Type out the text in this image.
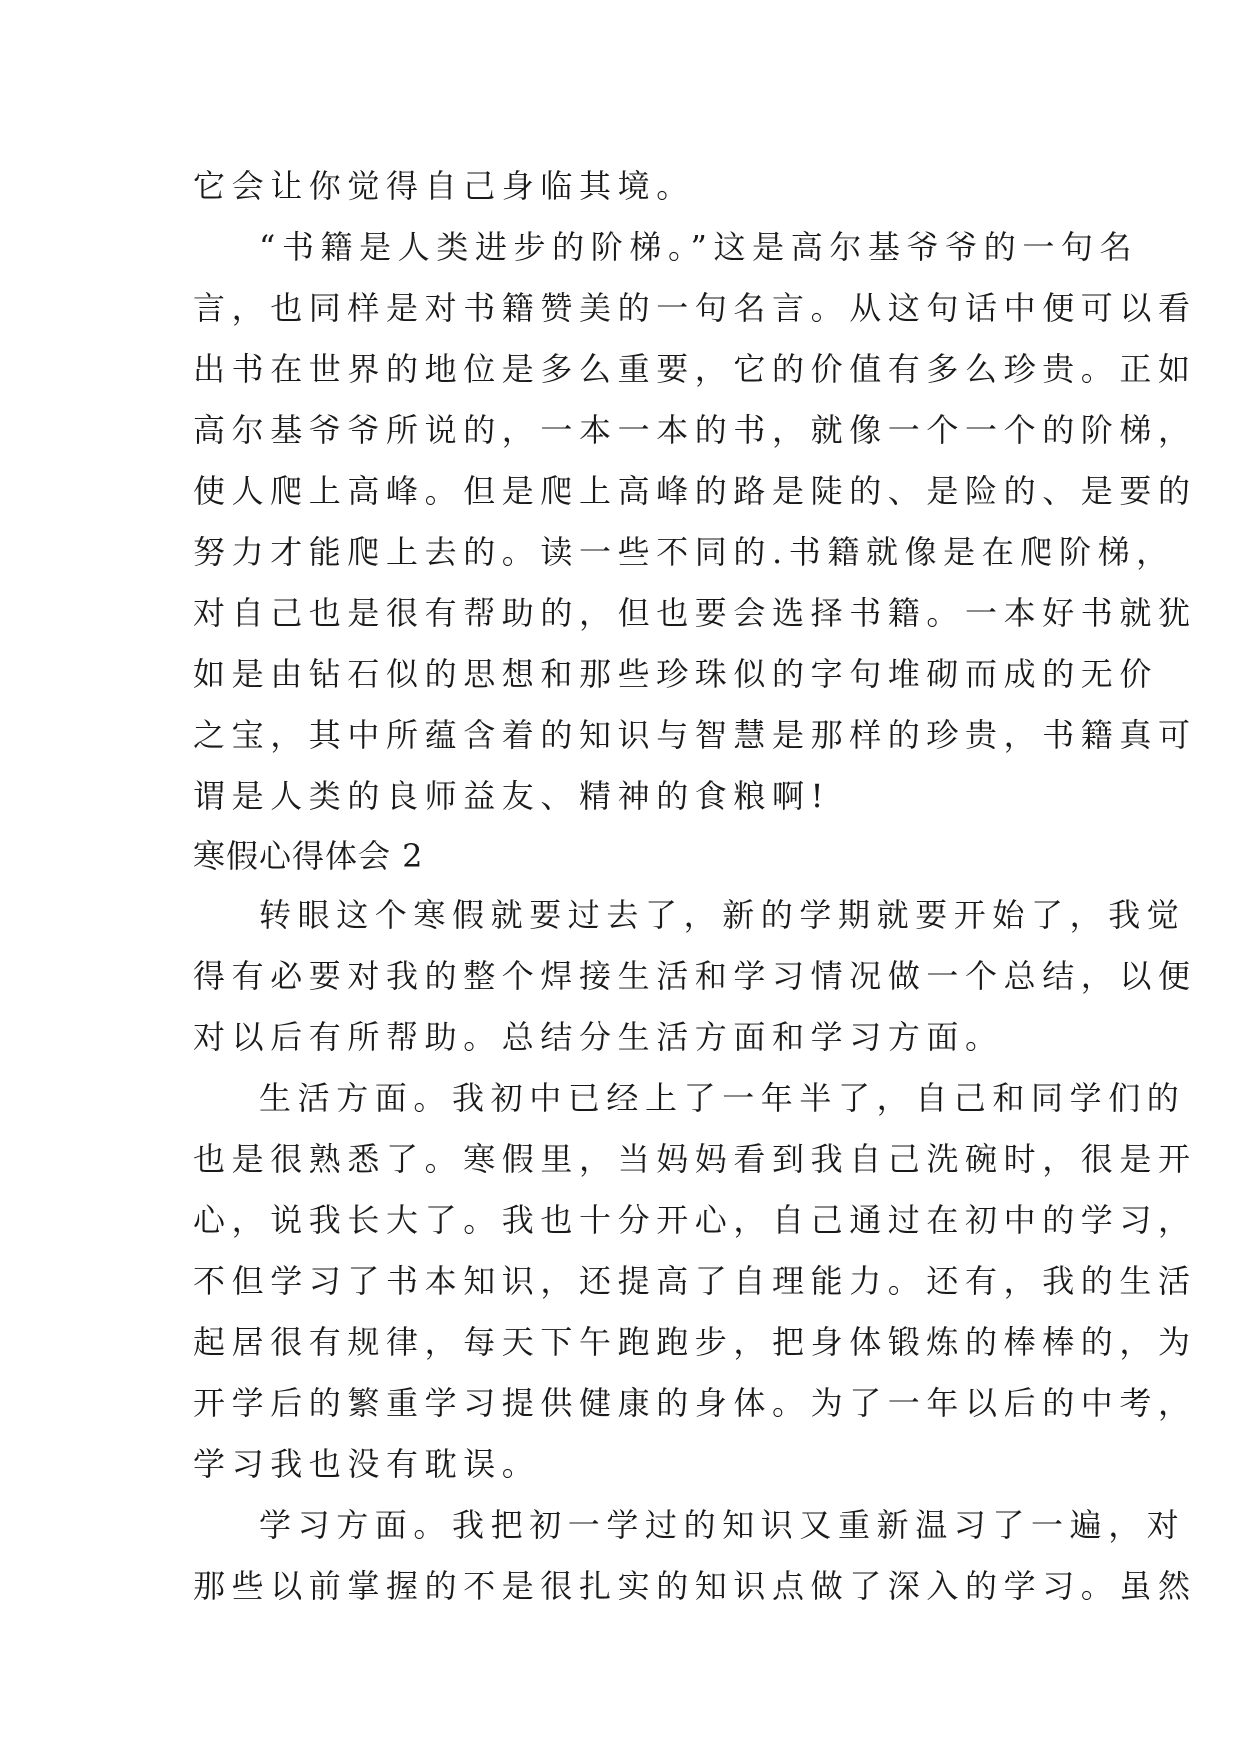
它会让你觉得自己身临其境。
“书籍是人类进步的阶梯。”这是高尔基爷爷的一句名
言，也同样是对书籍赞美的一句名言。从这句话中便可以看
出书在世界的地位是多么重要，它的价值有多么珍贵。正如
高尔基爷爷所说的，一本一本的书，就像一个一个的阶梯，
使人爬上高峰。但是爬上高峰的路是陡的、是险的、是要的
努力才能爬上去的。读一些不同的.书籍就像是在爬阶梯，
对自己也是很有帮助的，但也要会选择书籍。一本好书就犹
如是由钻石似的思想和那些珍珠似的字句堆砌而成的无价
之宝，其中所蕴含着的知识与智慧是那样的珍贵，书籍真可
谓是人类的良师益友、精神的食粮啊!
寒假心得体会 2
转眼这个寒假就要过去了，新的学期就要开始了，我觉
得有必要对我的整个焊接生活和学习情况做一个总结，以便
对以后有所帮助。总结分生活方面和学习方面。
生活方面。我初中已经上了一年半了，自己和同学们的
也是很熟悉了。寒假里，当妈妈看到我自己洗碗时，很是开
心，说我长大了。我也十分开心，自己通过在初中的学习，
不但学习了书本知识，还提高了自理能力。还有，我的生活
起居很有规律，每天下午跑跑步，把身体锻炼的棒棒的，为
开学后的繁重学习提供健康的身体。为了一年以后的中考，
学习我也没有耽误。
学习方面。我把初一学过的知识又重新温习了一遍，对
那些以前掌握的不是很扎实的知识点做了深入的学习。虽然
